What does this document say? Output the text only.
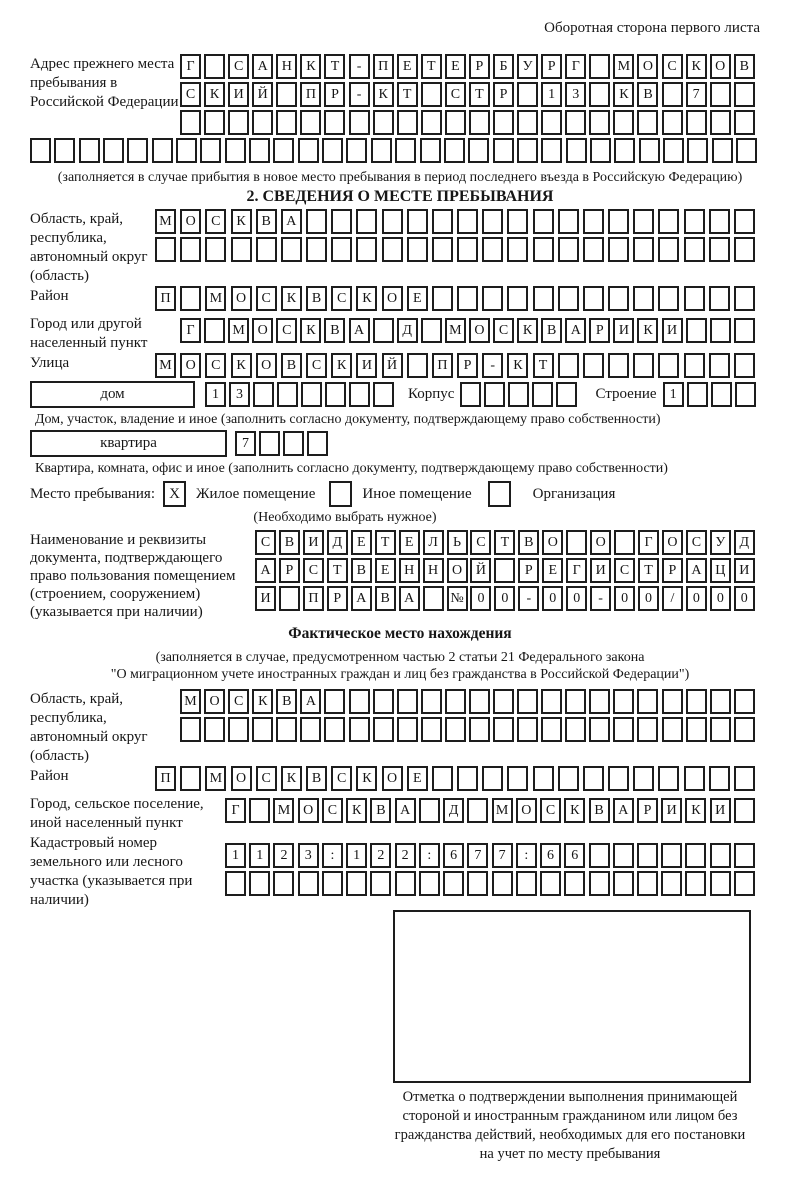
Оборотная сторона первого листа
Адрес прежнего места пребывания в Российской Федерации
Г	С	А Н	К	Т	-	П	Е	Т	Е	Р	Б	У	Р	Г	М О	С	К	О	В
С	К	И Й	П	Р	-	К	Т	С	Т	Р	1	3	К	В	7
(заполняется в случае прибытия в новое место пребывания в период последнего въезда в Российскую Федерацию)
2. СВЕДЕНИЯ О МЕСТЕ ПРЕБЫВАНИЯ
Область, край, республика, автономный округ (область)
М О	С	К	В	А
Район	П	М О	С	К	В	С	К	О	Е
Город или другой населенный пункт
Г	М О	С	К	В	А	Д	М О	С	К	В	А	Р	И	К	И
Улица	М О	С	К	О	В	С	К	И	Й	П	Р	-	К	Т
дом	1	3	Корпус	Строение 1
Дом, участок, владение и иное (заполнить согласно документу, подтверждающему право собственности)
квартира	7
Квартира, комната, офис и иное (заполнить согласно документу, подтверждающему право собственности)
Место пребывания: X	Жилое помещение	Иное помещение	Организация
(Необходимо выбрать нужное)
Наименование и реквизиты документа, подтверждающего право пользования помещением (строением, сооружением) (указывается при наличии)
С	В	И	Д	Е	Т	Е	Л	Ь	С	Т	В	О	О	Г	О	С	У	Д
А	Р	С	Т	В	Е	Н Н О Й	Р	Е	Г	И	С	Т	Р	А Ц И
И	П	Р	А	В	А	№ 0	0	-	0	0	-	0	0	/	0	0	0
Фактическое место нахождения
(заполняется в случае, предусмотренном частью 2 статьи 21 Федерального закона
"О миграционном учете иностранных граждан и лиц без гражданства в Российской Федерации")
Область, край, республика, автономный округ (область)
М О	С	К	В	А
Район	П	М О	С	К	В	С	К	О	Е
Город, сельское поселение, иной населенный пункт
Г	М О	С	К	В	А	Д	М О	С	К	В	А	Р	И	К	И
Кадастровый номер земельного или лесного участка (указывается при наличии)
1	1	2	3	:	1	2	2	:	6	7	7	:	6	6
Отметка о подтверждении выполнения принимающей
стороной и иностранным гражданином или лицом без
гражданства действий, необходимых для его постановки
на учет по месту пребывания
